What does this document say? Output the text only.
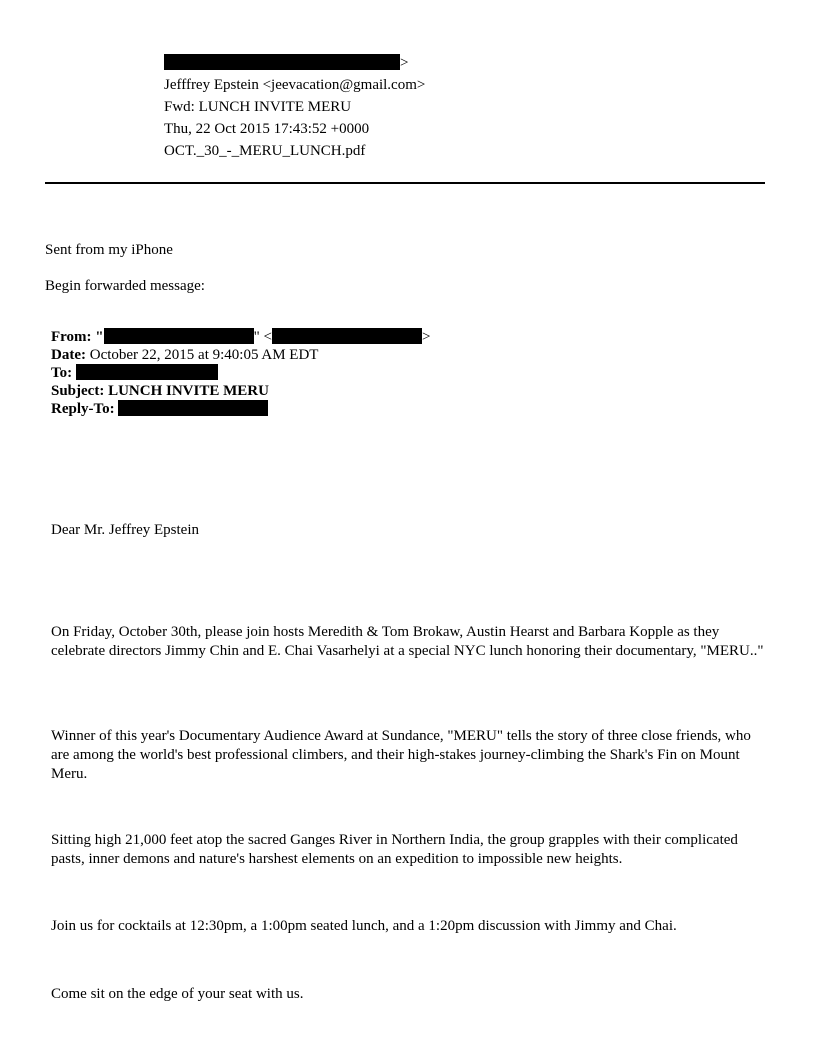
>
Jefffrey Epstein <jeevacation@gmail.com>
Fwd: LUNCH INVITE MERU
Thu, 22 Oct 2015 17:43:52 +0000
OCT._30_-_MERU_LUNCH.pdf
Sent from my iPhone
Begin forwarded message:
From: "	" <	>
Date: October 22, 2015 at 9:40:05 AM EDT
To:
Subject: LUNCH INVITE MERU
Reply-To:
Dear Mr. Jeffrey Epstein
On Friday, October 30th, please join hosts Meredith & Tom Brokaw, Austin Hearst and Barbara Kopple as they celebrate directors Jimmy Chin and E. Chai Vasarhelyi at a special NYC lunch honoring their documentary, "MERU.."
Winner of this year's Documentary Audience Award at Sundance, "MERU" tells the story of three close friends, who are among the world's best professional climbers, and their high-stakes journey-climbing the Shark's Fin on Mount Meru.
Sitting high 21,000 feet atop the sacred Ganges River in Northern India, the group grapples with their complicated pasts, inner demons and nature's harshest elements on an expedition to impossible new heights.
Join us for cocktails at 12:30pm, a 1:00pm seated lunch, and a 1:20pm discussion with Jimmy and Chai.
Come sit on the edge of your seat with us.
